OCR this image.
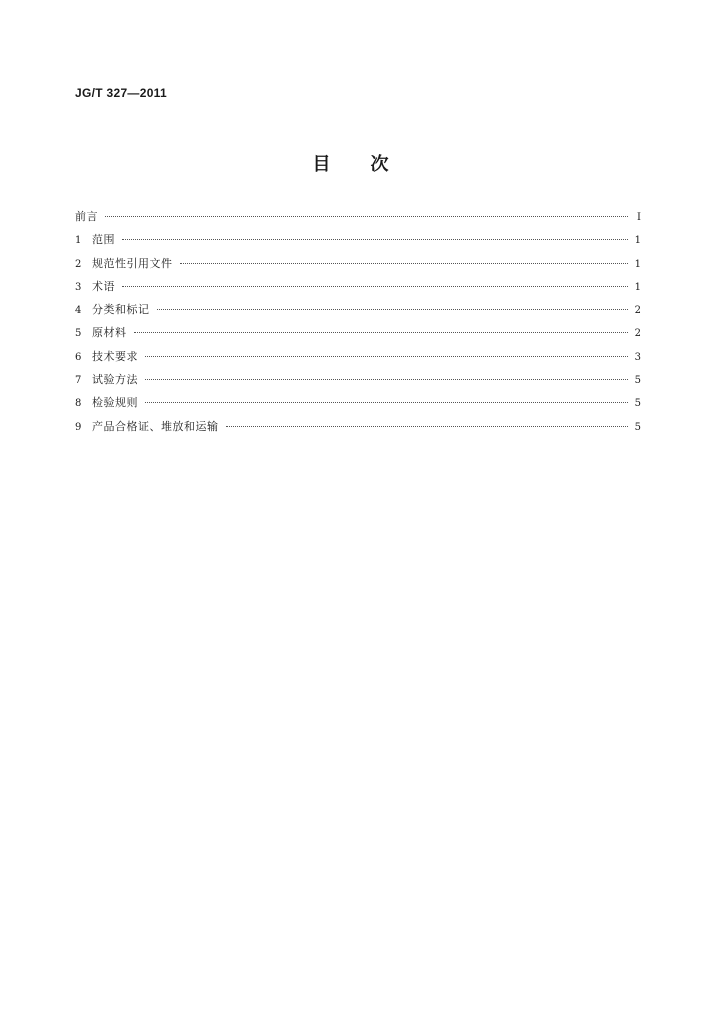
JG/T 327—2011
目 次
前言	Ⅰ
1 范围	1
2 规范性引用文件	1
3 术语	1
4 分类和标记	2
5 原材料	2
6 技术要求	3
7 试验方法	5
8 检验规则	5
9 产品合格证、堆放和运输	5
